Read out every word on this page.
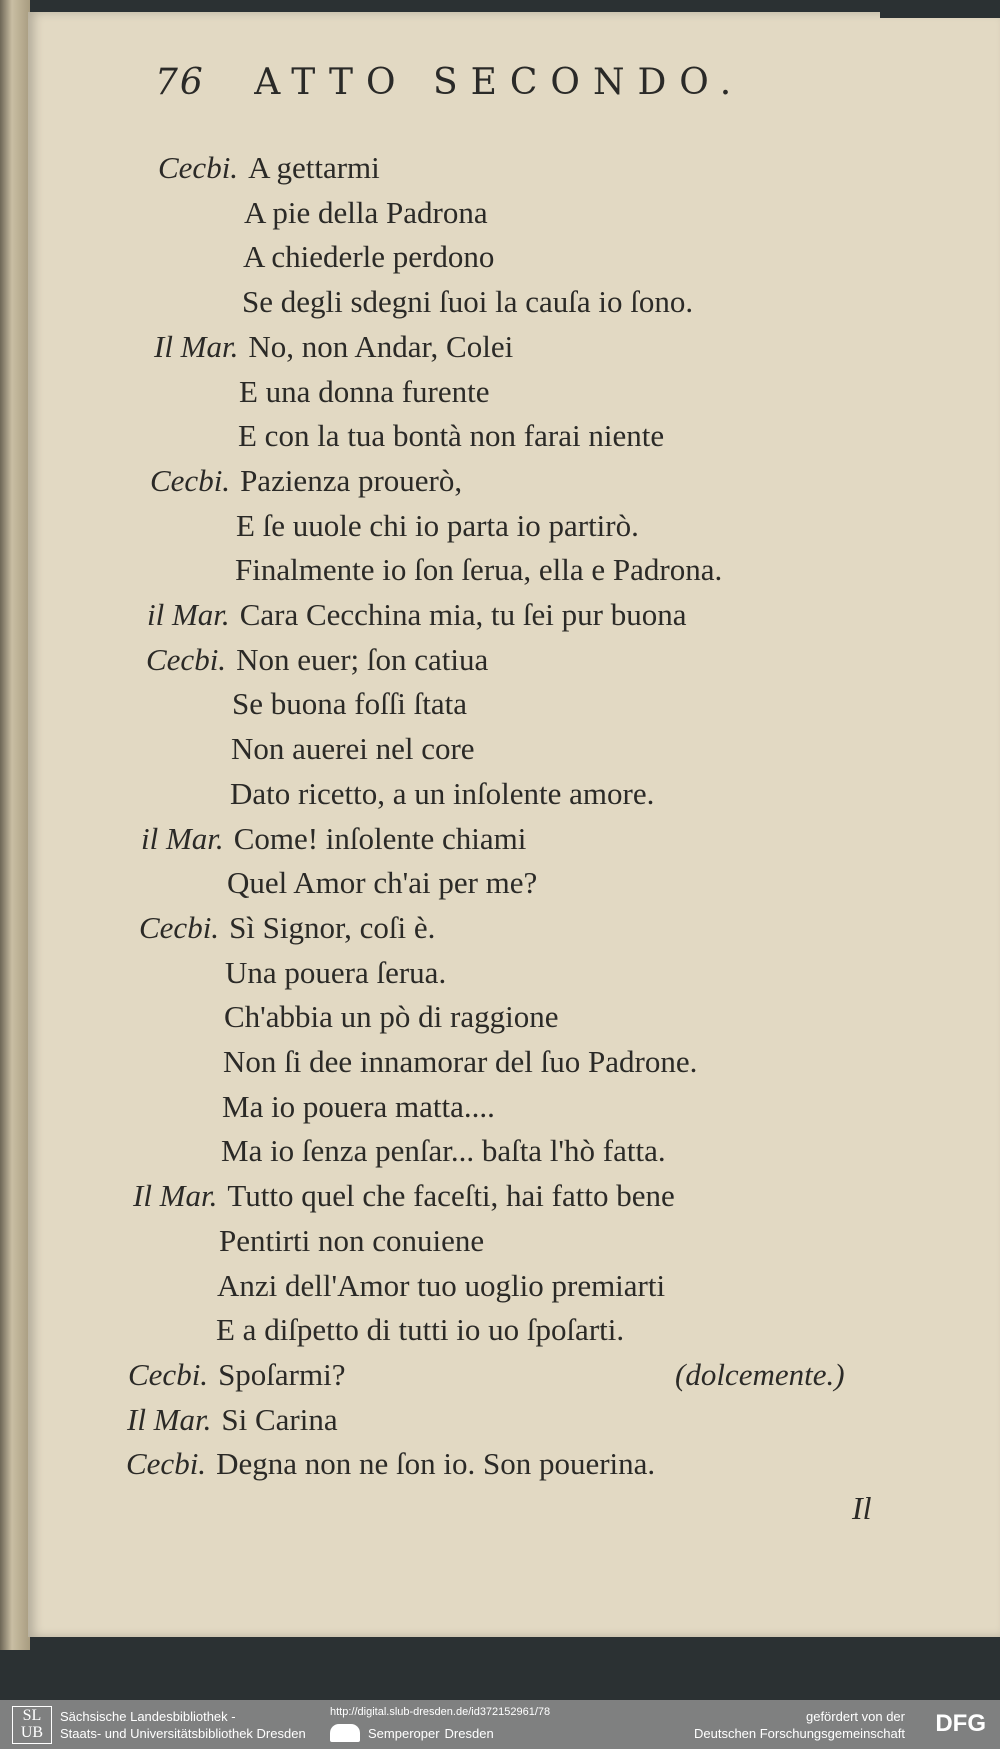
76 ATTO SECONDO.
Cecbi. A gettarmi
A pie della Padrona
A chiederle perdono
Se degli sdegni ſuoi la cauſa io ſono.
Il Mar. No, non Andar, Colei
E una donna furente
E con la tua bontà non farai niente
Cecbi. Pazienza prouerò,
E ſe uuole chi io parta io partirò.
Finalmente io ſon ſerua, ella e Padrona.
il Mar. Cara Cecchina mia, tu ſei pur buona
Cecbi. Non euer; ſon catiua
Se buona foſſi ſtata
Non auerei nel core
Dato ricetto, a un inſolente amore.
il Mar. Come! inſolente chiami
Quel Amor ch'ai per me?
Cecbi. Sì Signor, coſi è.
Una pouera ſerua.
Ch'abbia un pò di raggione
Non ſi dee innamorar del ſuo Padrone.
Ma io pouera matta....
Ma io ſenza penſar... baſta l'hò fatta.
Il Mar. Tutto quel che faceſti, hai fatto bene
Pentirti non conuiene
Anzi dell'Amor tuo uoglio premiarti
E a diſpetto di tutti io uo ſpoſarti.
Cecbi. Spoſarmi?	(dolcemente.)
Il Mar. Si Carina
Cecbi. Degna non ne ſon io. Son pouerina.
Il
SL
UB
Sächsische Landesbibliothek -
Staats- und Universitätsbibliothek Dresden
http://digital.slub-dresden.de/id372152961/78
Semperoper Dresden
gefördert von der
Deutschen Forschungsgemeinschaft DFG
